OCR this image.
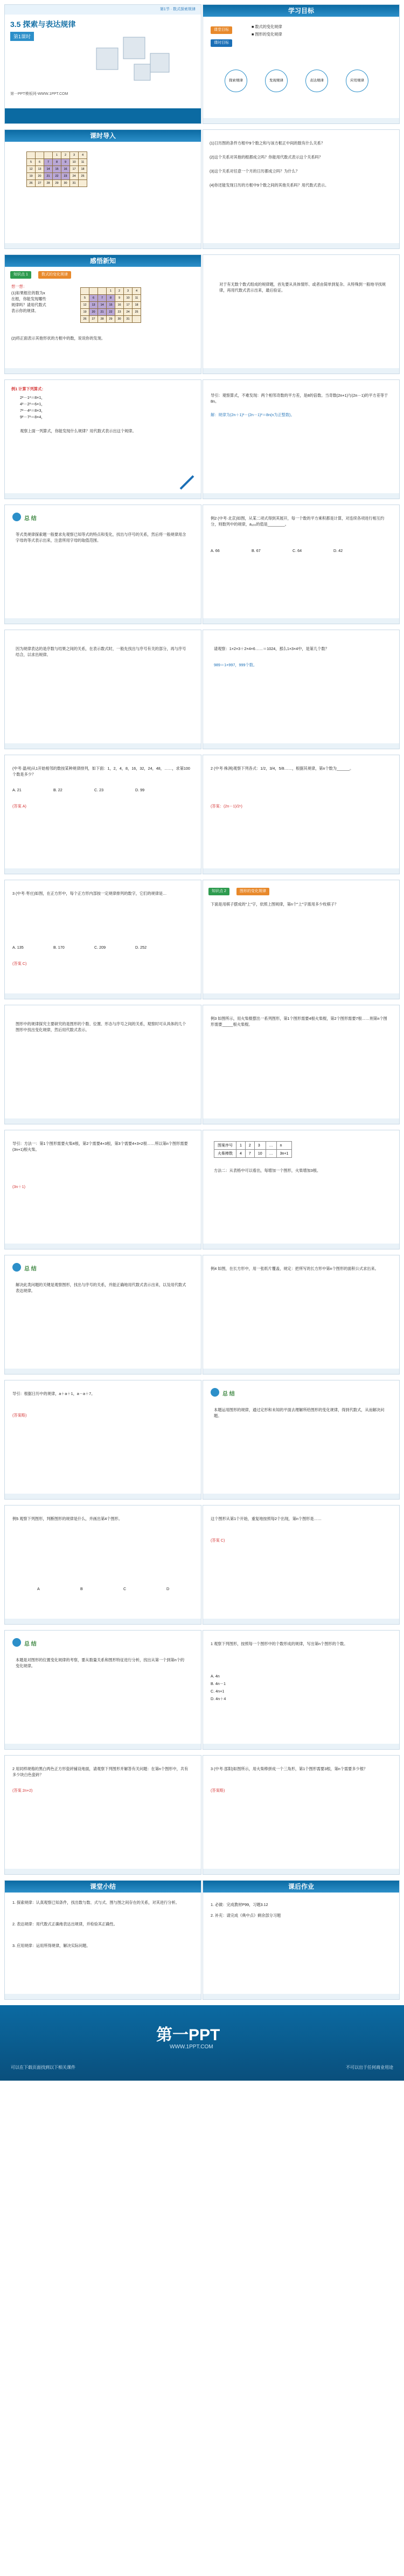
第1节 · 数式探索规律
3.5 探索与表达规律
第1课时
第一PPT模板网-WWW.1PPT.COM
学习目标
课堂目标
课时目标
■ 数式的变化规律
■ 图形的变化规律
探索规律	发现规律	表达规律	应用规律
课时导入
			1	2	3	4
5	6	7	8	9	10	11
12	13	14	15	16	17	18
19	20	21	22	23	24	25
26	27	28	29	30	31	
(1)日历图的条件方框中9个数之和与该方框正中间的数有什么关系？
(2)这个关系对其他的框都成立吗？你能用代数式表示这个关系吗？
(3)这个关系对任意一个月的日历都成立吗？为什么？
(4)你还能发现日历的方框中9个数之间的其他关系吗？用代数式表示。
感悟新知
知识点 1	数式的变化规律
想一想：
(1)如果框住的数为x
在框，你能发现哪些
规律吗？请用代数式
表示你的规律。
(2)将正面表示其他形状的方框中的数，说说你的发现。
			1	2	3	4
5	6	7	8	9	10	11
12	13	14	15	16	17	18
19	20	21	22	23	24	25
26	27	28	29	30	31	
对于有无数个数式组成的规律题，首先要从具体情形、或者由简单到复杂、从特殊到一般地寻找规律，再用代数式表示出来，最后验证。
例1 计算下列算式：
2²－1²＝8×1，
4²－2²＝6×1，
7²－4²＝8×3，
9²－7²＝8×4，
观察上面一列算式，你能发现什么规律？用代数式表示出这个规律。
导引：观察算式，不难发现：两个相邻奇数的平方差，是8的倍数。当奇数(2n+1)与(2n－1)的平方差等于8n。
解：规律为(2n＋1)²－(2n－1)²＝8n(n为正整数)。
总 结
等式类规律探索题一般要求先观察已知等式的特点和变化，找出与序号的关系，然后将一般规律用含字母的等式表示出来，注意所用字母的取值范围。
例2 (中考·北京)如图，从某二项式得到其展开，每一个数的平方乘积都是计算，对连续各项进行相互约分，则数列中的规律，a₁₀₀的值是________。
A. 66	B. 67	C. 64	D. 42
因为规律表达的是序数与结果之间的关系，在表示数式时，一般先找出与序号有关的部分，再与序号结合，以求出规律。
请观察：1×2×3＋2×4×6……＝1024，那么1×3×4中，是第几个数？
989＝1×997，999个数。
(中考·温州)从1开始相邻的数按某种规律排列，如下面：1，2，4，8，16，32，24，48，……，求第100个数是多少？
A. 21	B. 22	C. 23	D. 99
(答案 A)
2 (中考·株洲)观察下列各式：1/2，3/4，5/8……，根据其规律，第n个数为______。
(答案：(2n－1)/2ⁿ)
3 (中考·枣庄)如图，在正方形中，每个正方形内部按一定规律排列的数字，它们的规律是…
A. 135	B. 170	C. 209	D. 252
(答案 C)
知识点 2	图形的变化规律
下面是用棋子摆成的"上"字，依照上图规律，第n个"上"字需用多少枚棋子？
图形中的规律探究主要研究的是图形的个数、位置、形态与序号之间的关系，观察时可从具体的几个图形中找出变化规律，然后用代数式表示。
例3 如图所示，用火柴棍摆出一系列图形，第1个图形需要4根火柴棍，第2个图形需要7根……则第n个图形需要_____根火柴棍。
导引：方法一：第1个图形需要火柴4根，第2个需要4+3根，第3个需要4+3×2根……所以第n个图形需要(3n+1)根火柴。
(3n＋1)
图案序号	1	2	3	…	n
火柴棒数	4	7	10	…	3n+1
方法二：从表格中可以看出，每增加一个图形，火柴增加3根。
总 结
解决此类问题的关键是观察图形，找出与序号的关系，并能正确地用代数式表示出来，以及用代数式表达规律。
例4 如图，在长方形中，用一张纸片覆盖，规定：把所写的长方形中第n个图形的面积公式求出来。
导引：根据日历中的规律，a＋a＋1，a－a＋7。
(答案略)
总 结
本题运用图形的规律，通过定形和未知的平面去理解所给图形的变化规律，得到代数式，从而解决问题。
例5 观察下列图形，判断图形的规律是什么，并画出第4个图形。
A	B	C	D
这个图形从第1个开始，重复地按照每2个出现，第n个图形是……
(答案 C)
总 结
本题是对图形的位置变化规律的考察，要从数量关系和图形特征进行分析，找出从第一个到第n个的变化规律。
1 观察下列图形，按照每一个图形中的个数形成的规律，写出第n个图形的个数。
A. 4n
B. 4n－1
C. 4n+1
D. 4n＋4
2 用同样规格的黑白两色正方形瓷砖铺设地面，请观察下列图形并解答有关问题：在第n个图形中，共有多少块白色瓷砖？
(答案 2n+2)
3 (中考·邵阳)如图所示，用火柴棒拼成一个三角形，第1个图形需要3根，第n个需要多少根？
(答案略)
课堂小结
1. 探索规律：认真观察已知条件，找出数与数、式与式、图与图之间存在的关系，对其进行分析。
2. 表达规律：用代数式正确地表达出规律，并检验其正确性。
3. 应用规律：运用所得规律，解决实际问题。
课后作业
1. 必做：完成教材P99，习题3.12
2. 补充：请完成《典中点》剩余部分习题
第一PPT
WWW.1PPT.COM
可以在下载页面找到以下相关课件	不可以出于任何商业用途
